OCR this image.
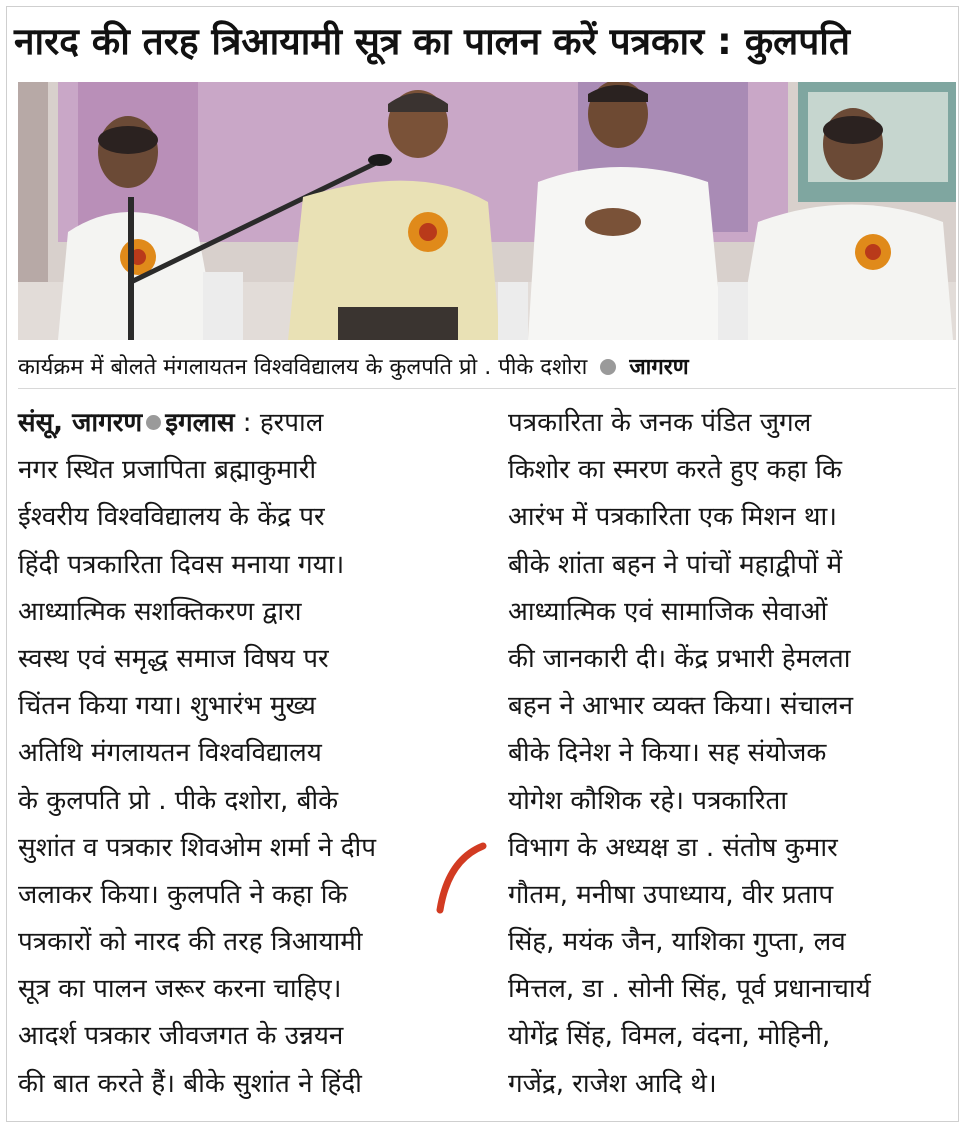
नारद की तरह त्रिआयामी सूत्र का पालन करें पत्रकार : कुलपति
कार्यक्रम में बोलते मंगलायतन विश्वविद्यालय के कुलपति प्रो . पीके दशोरा जागरण
संसू, जागरण इगलास : हरपाल
नगर स्थित प्रजापिता ब्रह्माकुमारी
ईश्वरीय विश्वविद्यालय के केंद्र पर
हिंदी पत्रकारिता दिवस मनाया गया।
आध्यात्मिक सशक्तिकरण द्वारा
स्वस्थ एवं समृद्ध समाज विषय पर
चिंतन किया गया। शुभारंभ मुख्य
अतिथि मंगलायतन विश्वविद्यालय
के कुलपति प्रो . पीके दशोरा, बीके
सुशांत व पत्रकार शिवओम शर्मा ने दीप
जलाकर किया। कुलपति ने कहा कि
पत्रकारों को नारद की तरह त्रिआयामी
सूत्र का पालन जरूर करना चाहिए।
आदर्श पत्रकार जीवजगत के उन्नयन
की बात करते हैं। बीके सुशांत ने हिंदी
पत्रकारिता के जनक पंडित जुगल
किशोर का स्मरण करते हुए कहा कि
आरंभ में पत्रकारिता एक मिशन था।
बीके शांता बहन ने पांचों महाद्वीपों में
आध्यात्मिक एवं सामाजिक सेवाओं
की जानकारी दी। केंद्र प्रभारी हेमलता
बहन ने आभार व्यक्त किया। संचालन
बीके दिनेश ने किया। सह संयोजक
योगेश कौशिक रहे। पत्रकारिता
विभाग के अध्यक्ष डा . संतोष कुमार
गौतम, मनीषा उपाध्याय, वीर प्रताप
सिंह, मयंक जैन, याशिका गुप्ता, लव
मित्तल, डा . सोनी सिंह, पूर्व प्रधानाचार्य
योगेंद्र सिंह, विमल, वंदना, मोहिनी,
गजेंद्र, राजेश आदि थे।
